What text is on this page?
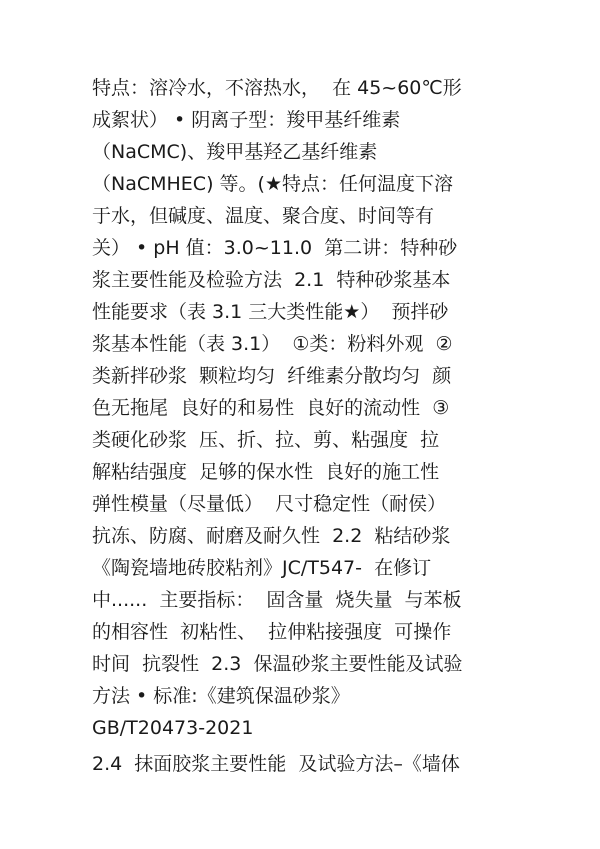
特点：溶冷水，不溶热水，  在 45~60℃形
成絮状） • 阴离子型：羧甲基纤维素
（NaCMC)、羧甲基羟乙基纤维素
（NaCMHEC) 等。(★特点：任何温度下溶
于水，但碱度、温度、聚合度、时间等有
关） • pH 值：3.0~11.0  第二讲：特种砂
浆主要性能及检验方法  2.1  特种砂浆基本
性能要求（表 3.1 三大类性能★）  预拌砂
浆基本性能（表 3.1）  ①类：粉料外观  ②
类新拌砂浆  颗粒均匀  纤维素分散均匀  颜
色无拖尾  良好的和易性  良好的流动性  ③
类硬化砂浆  压、折、拉、剪、粘强度  拉
解粘结强度  足够的保水性  良好的施工性
弹性模量（尽量低）  尺寸稳定性（耐侯）
抗冻、防腐、耐磨及耐久性  2.2  粘结砂浆
《陶瓷墙地砖胶粘剂》JC/T547-  在修订
中......  主要指标：  固含量  烧失量  与苯板
的相容性  初粘性、  拉伸粘接强度  可操作
时间  抗裂性  2.3  保温砂浆主要性能及试验
方法 • 标准:《建筑保温砂浆》
GB/T20473-2021
2.4  抹面胶浆主要性能  及试验方法–《墙体
